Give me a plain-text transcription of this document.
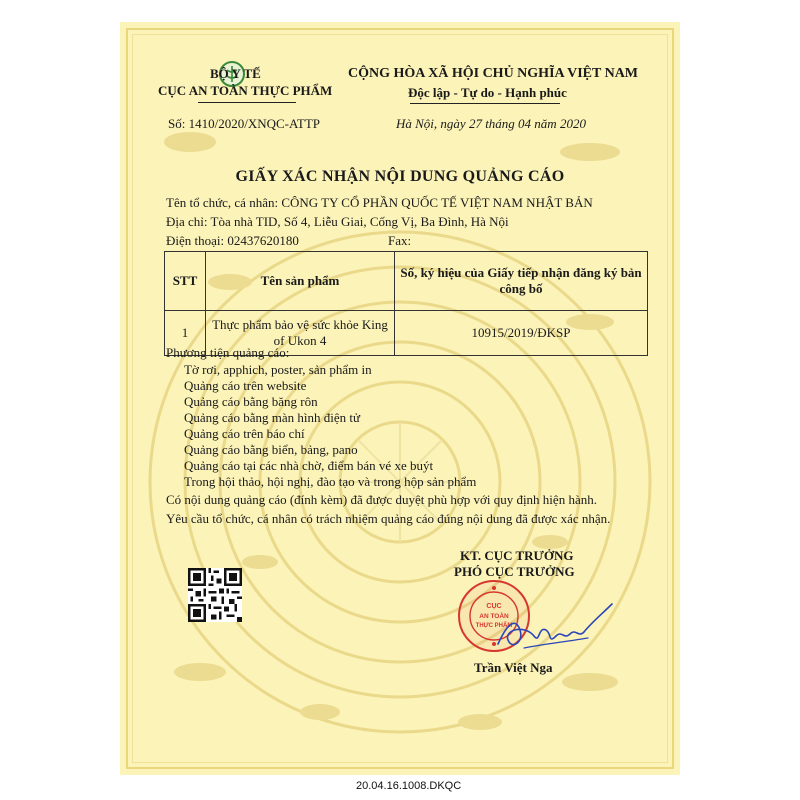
BỘ Y TẾ
CỤC AN TOÀN THỰC PHẨM
Số: 1410/2020/XNQC-ATTP
CỘNG HÒA XÃ HỘI CHỦ NGHĨA VIỆT NAM
Độc lập - Tự do - Hạnh phúc
Hà Nội, ngày 27 tháng 04 năm 2020
GIẤY XÁC NHẬN NỘI DUNG QUẢNG CÁO
Tên tổ chức, cá nhân: CÔNG TY CỔ PHẦN QUỐC TẾ VIỆT NAM NHẬT BẢN
Địa chỉ: Tòa nhà TID, Số 4, Liễu Giai, Cống Vị, Ba Đình, Hà Nội
Điện thoại: 02437620180	Fax:
STT	Tên sản phẩm	Số, ký hiệu của Giấy tiếp nhận đăng ký bản công bố
1	Thực phẩm bảo vệ sức khỏe King of Ukon 4	10915/2019/ĐKSP
Phương tiện quảng cáo:
Tờ rơi, apphich, poster, sản phẩm in
Quảng cáo trên website
Quảng cáo bằng băng rôn
Quảng cáo bằng màn hình điện tử
Quảng cáo trên báo chí
Quảng cáo bằng biển, bảng, pano
Quảng cáo tại các nhà chờ, điểm bán vé xe buýt
Trong hội thảo, hội nghị, đào tạo và trong hộp sản phẩm
Có nội dung quảng cáo (đính kèm) đã được duyệt phù hợp với quy định hiện hành.
Yêu cầu tổ chức, cá nhân có trách nhiệm quảng cáo đúng nội dung đã được xác nhận.
KT. CỤC TRƯỞNG
PHÓ CỤC TRƯỞNG
CỤC
AN TOÀN
THỰC PHẨM
Trần Việt Nga
20.04.16.1008.DKQC
